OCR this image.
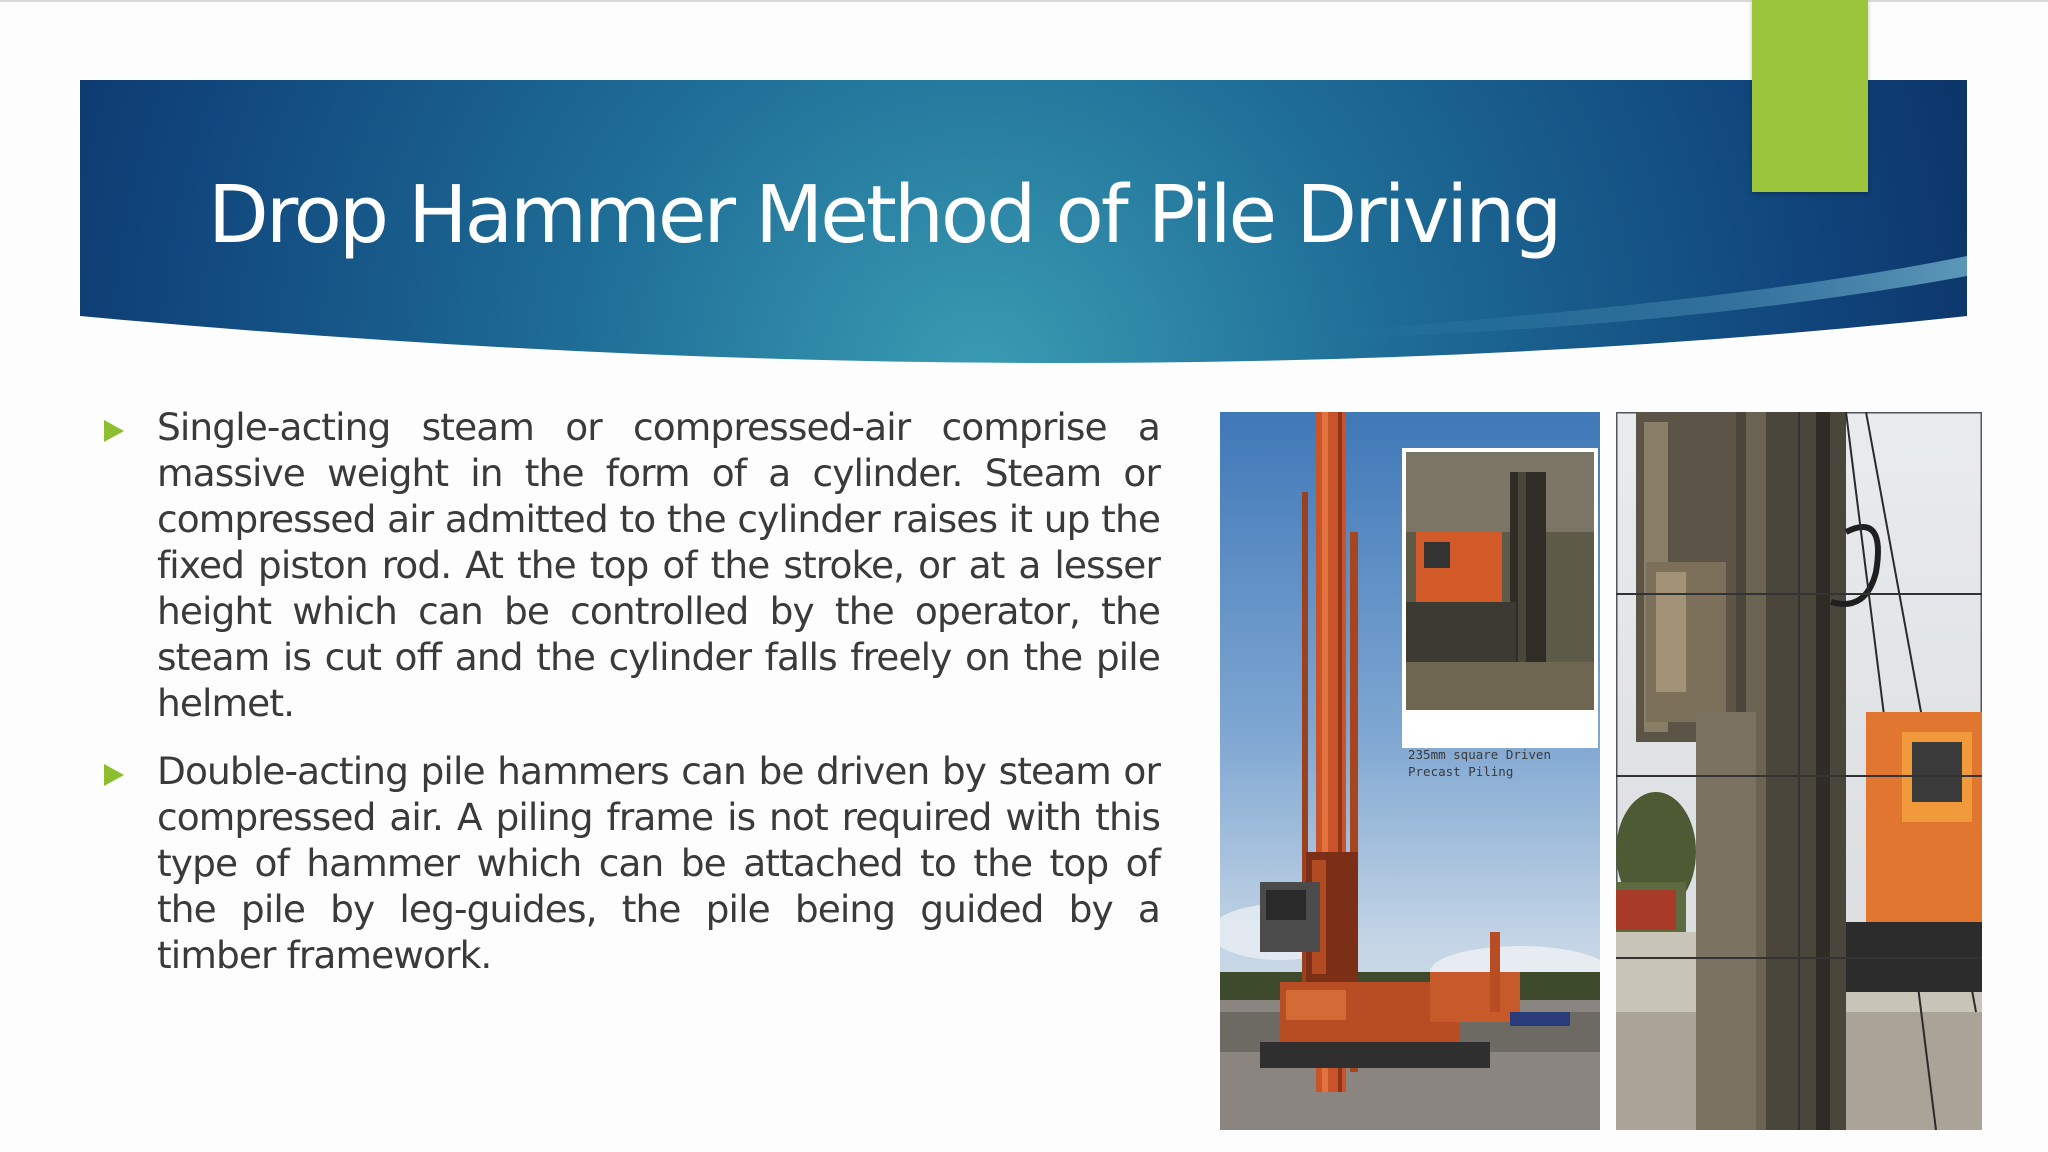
Drop Hammer Method of Pile Driving
Single-acting steam or compressed-air comprise a massive weight in the form of a cylinder. Steam or compressed air admitted to the cylinder raises it up the fixed piston rod. At the top of the stroke, or at a lesser height which can be controlled by the operator, the steam is cut off and the cylinder falls freely on the pile helmet.
Double-acting pile hammers can be driven by steam or compressed air. A piling frame is not required with this type of hammer which can be attached to the top of the pile by leg-guides, the pile being guided by a timber framework.
235mm square Driven
Precast Piling
